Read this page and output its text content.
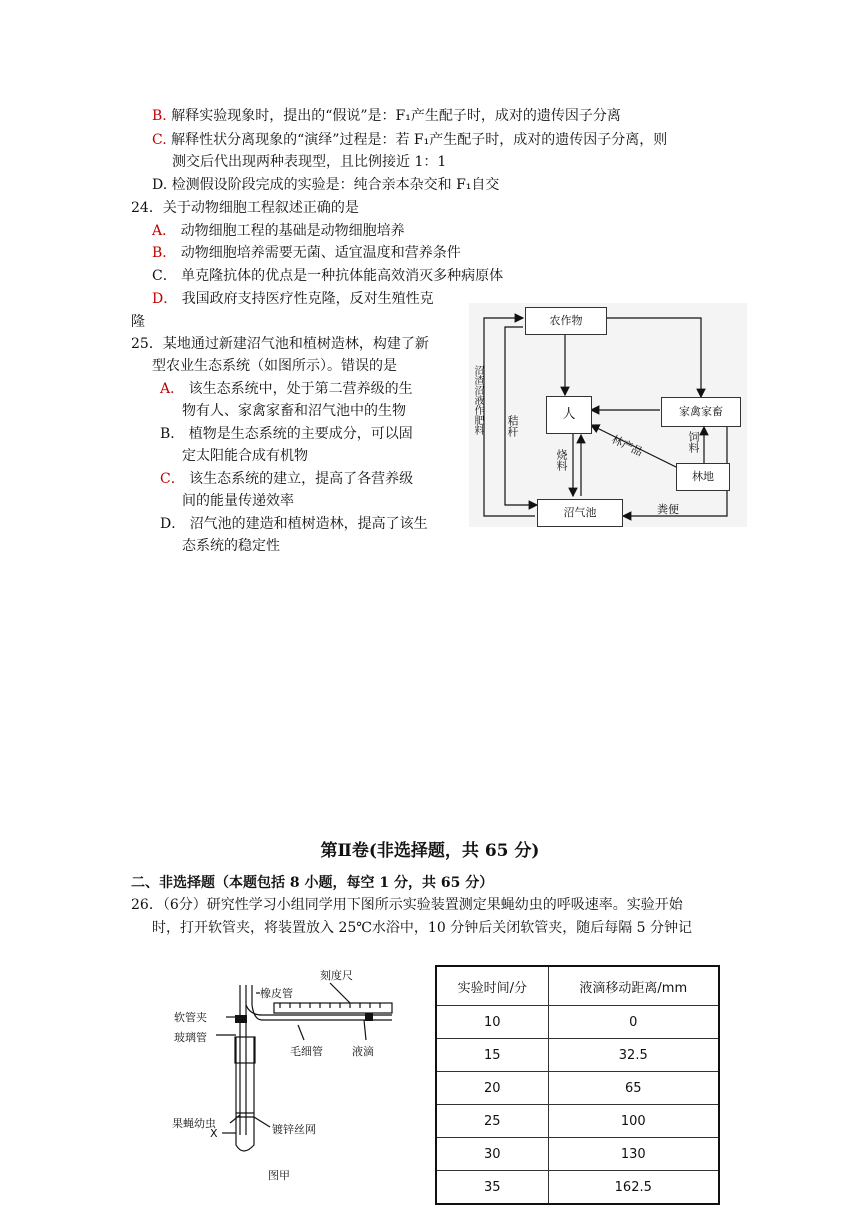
B. 解释实验现象时，提出的“假说”是：F₁产生配子时，成对的遗传因子分离
C. 解释性状分离现象的“演绎”过程是：若 F₁产生配子时，成对的遗传因子分离，则
测交后代出现两种表现型，且比例接近 1：1
D. 检测假设阶段完成的实验是：纯合亲本杂交和 F₁自交
24．关于动物细胞工程叙述正确的是
A． 动物细胞工程的基础是动物细胞培养
B． 动物细胞培养需要无菌、适宜温度和营养条件
C． 单克隆抗体的优点是一种抗体能高效消灭多种病原体
D． 我国政府支持医疗性克隆，反对生殖性克
隆
25．某地通过新建沼气池和植树造林，构建了新
型农业生态系统（如图所示）。错误的是
A． 该生态系统中，处于第二营养级的生
物有人、家禽家畜和沼气池中的生物
B． 植物是生态系统的主要成分，可以固
定太阳能合成有机物
C． 该生态系统的建立，提高了各营养级
间的能量传递效率
D． 沼气池的建造和植树造林，提高了该生
态系统的稳定性
农作物
人	家禽家畜
林地
沼气池
沼渣沼液作肥料 秸秆
烧料
林产品	饲料
粪便
第Ⅱ卷(非选择题，共 65 分)
二、非选择题（本题包括 8 小题，每空 1 分，共 65 分）
26．（6分）研究性学习小组同学用下图所示实验装置测定果蝇幼虫的呼吸速率。实验开始
时，打开软管夹，将装置放入 25℃水浴中，10 分钟后关闭软管夹，随后每隔 5 分钟记
刻度尺
橡皮管
软管夹
玻璃管
毛细管	液滴
果蝇幼虫
X	镀锌丝网
图甲
实验时间/分	液滴移动距离/mm
10	0
15	32.5
20	65
25	100
30	130
35	162.5
